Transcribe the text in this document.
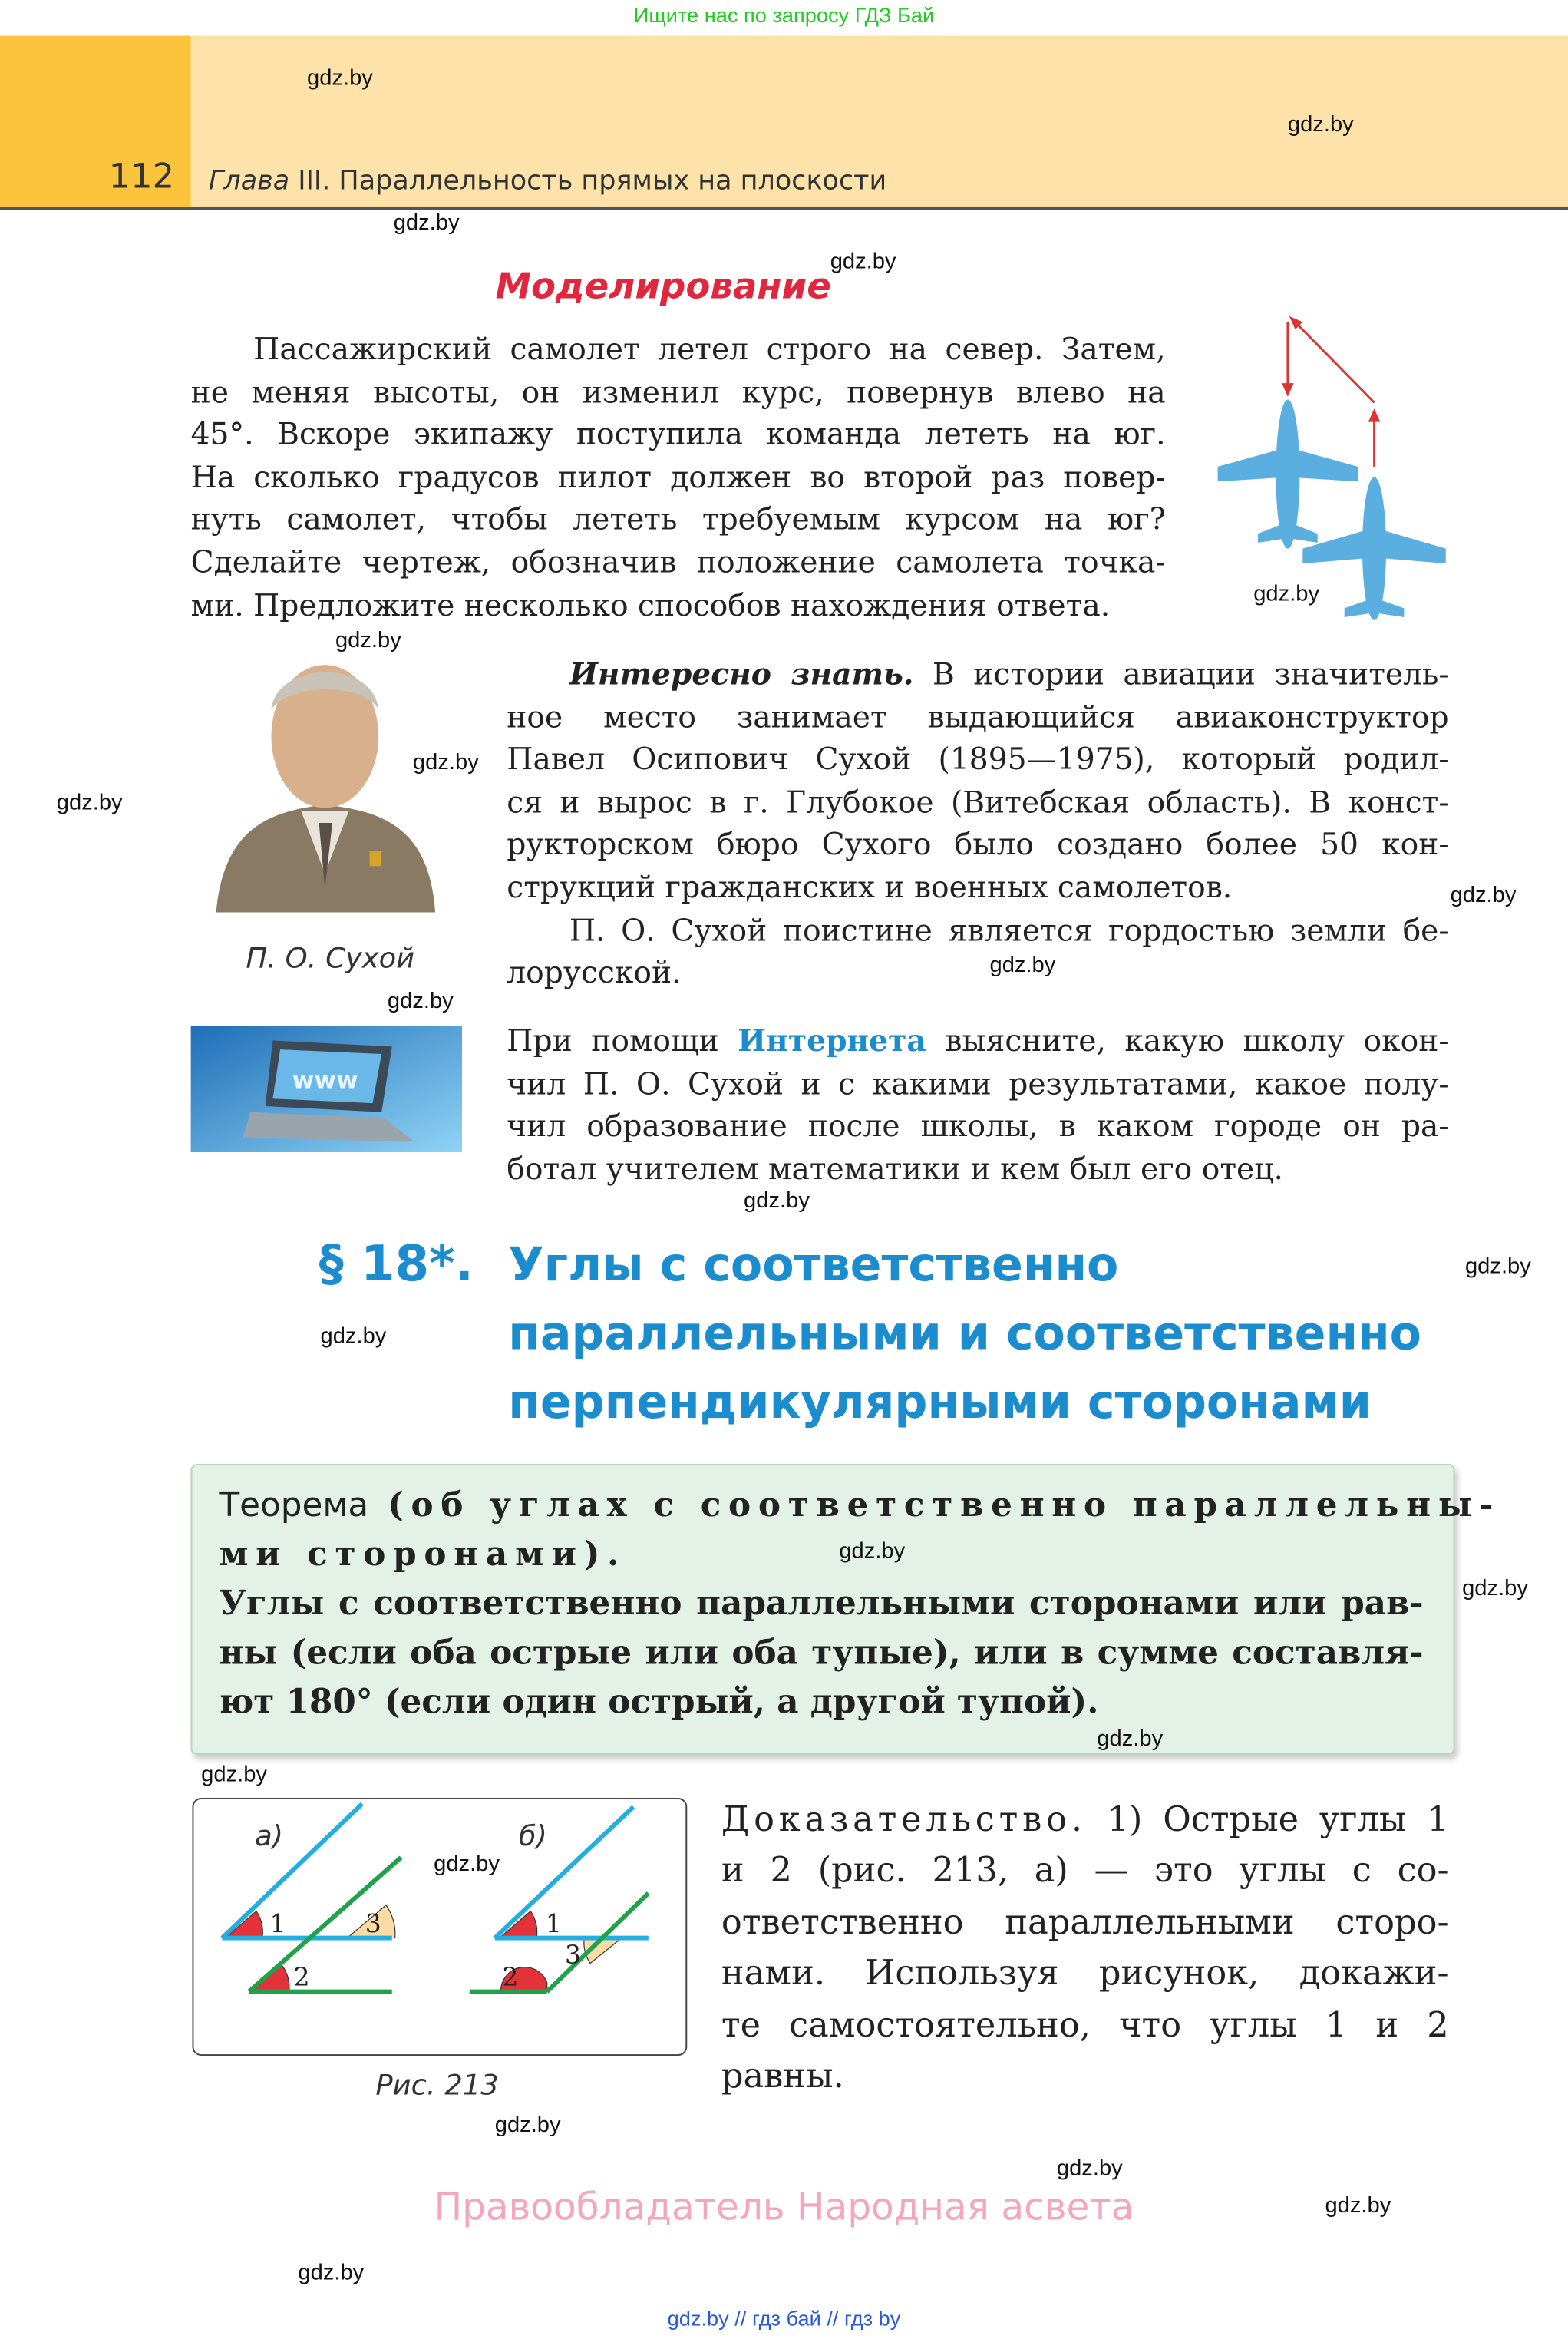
Ищите нас по запросу ГДЗ Бай
112 Глава III. Параллельность прямых на плоскости
Моделирование
Пассажирский самолет летел строго на север. Затем,
не меняя высоты, он изменил курс, повернув влево на
45°. Вскоре экипажу поступила команда лететь на юг.
На сколько градусов пилот должен во второй раз повер-
нуть самолет, чтобы лететь требуемым курсом на юг?
Сделайте чертеж, обозначив положение самолета точка-
ми. Предложите несколько способов нахождения ответа.
П. О. Сухой
Интересно знать. В истории авиации значитель-
ное место занимает выдающийся авиаконструктор
Павел Осипович Сухой (1895—1975), который родил-
ся и вырос в г. Глубокое (Витебская область). В конст-
рукторском бюро Сухого было создано более 50 кон-
струкций гражданских и военных самолетов.
П. О. Сухой поистине является гордостью земли бе-
лорусской.
www
При помощи Интернета выясните, какую школу окон-
чил П. О. Сухой и с какими результатами, какое полу-
чил образование после школы, в каком городе он ра-
ботал учителем математики и кем был его отец.
§ 18*. Углы с соответственно
параллельными и соответственно
перпендикулярными сторонами
Теорема (об углах с соответственно параллельны-
ми сторонами).
Углы с соответственно параллельными сторонами или рав-
ны (если оба острые или оба тупые), или в сумме составля-
ют 180° (если один острый, а другой тупой).
а)	б)
1	3
2
1
3
2
Рис. 213
Доказательство. 1) Острые углы 1
и 2 (рис. 213, а) — это углы с со-
ответственно параллельными сторо-
нами. Используя рисунок, докажи-
те самостоятельно, что углы 1 и 2
равны.
Правообладатель Народная асвета
gdz.by // гдз бай // гдз by
gdz.by
gdz.by
gdz.by
gdz.by
gdz.by
gdz.by
gdz.by
gdz.by
gdz.by
gdz.by
gdz.by
gdz.by
gdz.by
gdz.by
gdz.by
gdz.by
gdz.by
gdz.by
gdz.by
gdz.by
gdz.by
gdz.by
gdz.by
